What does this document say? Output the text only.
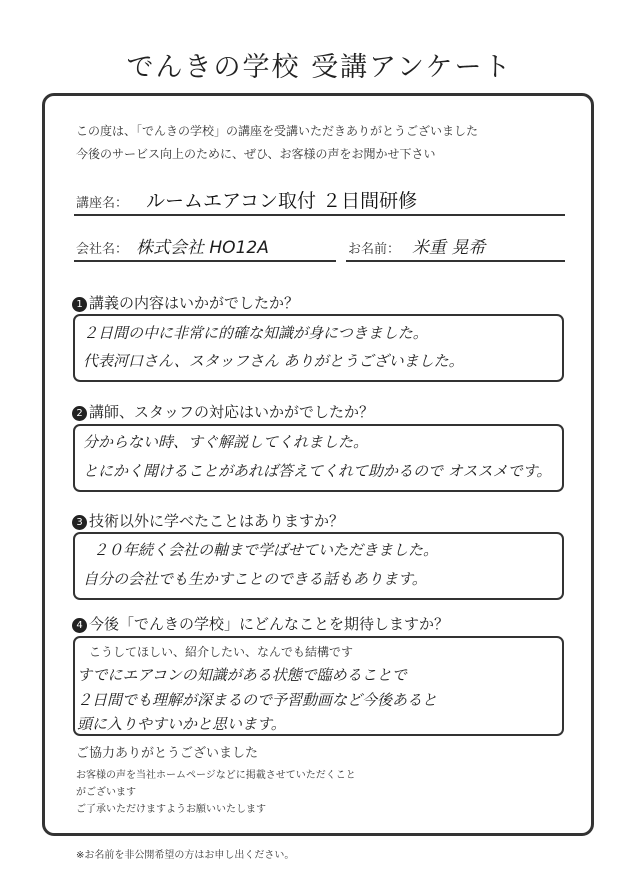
でんきの学校 受講アンケート
この度は、「でんきの学校」の講座を受講いただきありがとうございました
今後のサービス向上のために、ぜひ、お客様の声をお聞かせ下さい
講座名： ルームエアコン取付 ２日間研修
会社名： 株式会社 HO12A	お名前： 米重 晃希
1 講義の内容はいかがでしたか？
２日間の中に非常に的確な知識が身につきました。
代表河口さん、スタッフさん ありがとうございました。
2 講師、スタッフの対応はいかがでしたか？
分からない時、すぐ解説してくれました。
とにかく聞けることがあれば答えてくれて助かるので オススメです。
3 技術以外に学べたことはありますか？
２０年続く会社の軸まで学ばせていただきました。
自分の会社でも生かすことのできる話もあります。
4 今後「でんきの学校」にどんなことを期待しますか？
こうしてほしい、紹介したい、なんでも結構です
すでにエアコンの知識がある状態で臨めることで
２日間でも理解が深まるので予習動画など今後あると
頭に入りやすいかと思います。
ご協力ありがとうございました
お客様の声を当社ホームページなどに掲載させていただくこと
がございます
ご了承いただけますようお願いいたします
※お名前を非公開希望の方はお申し出ください。
